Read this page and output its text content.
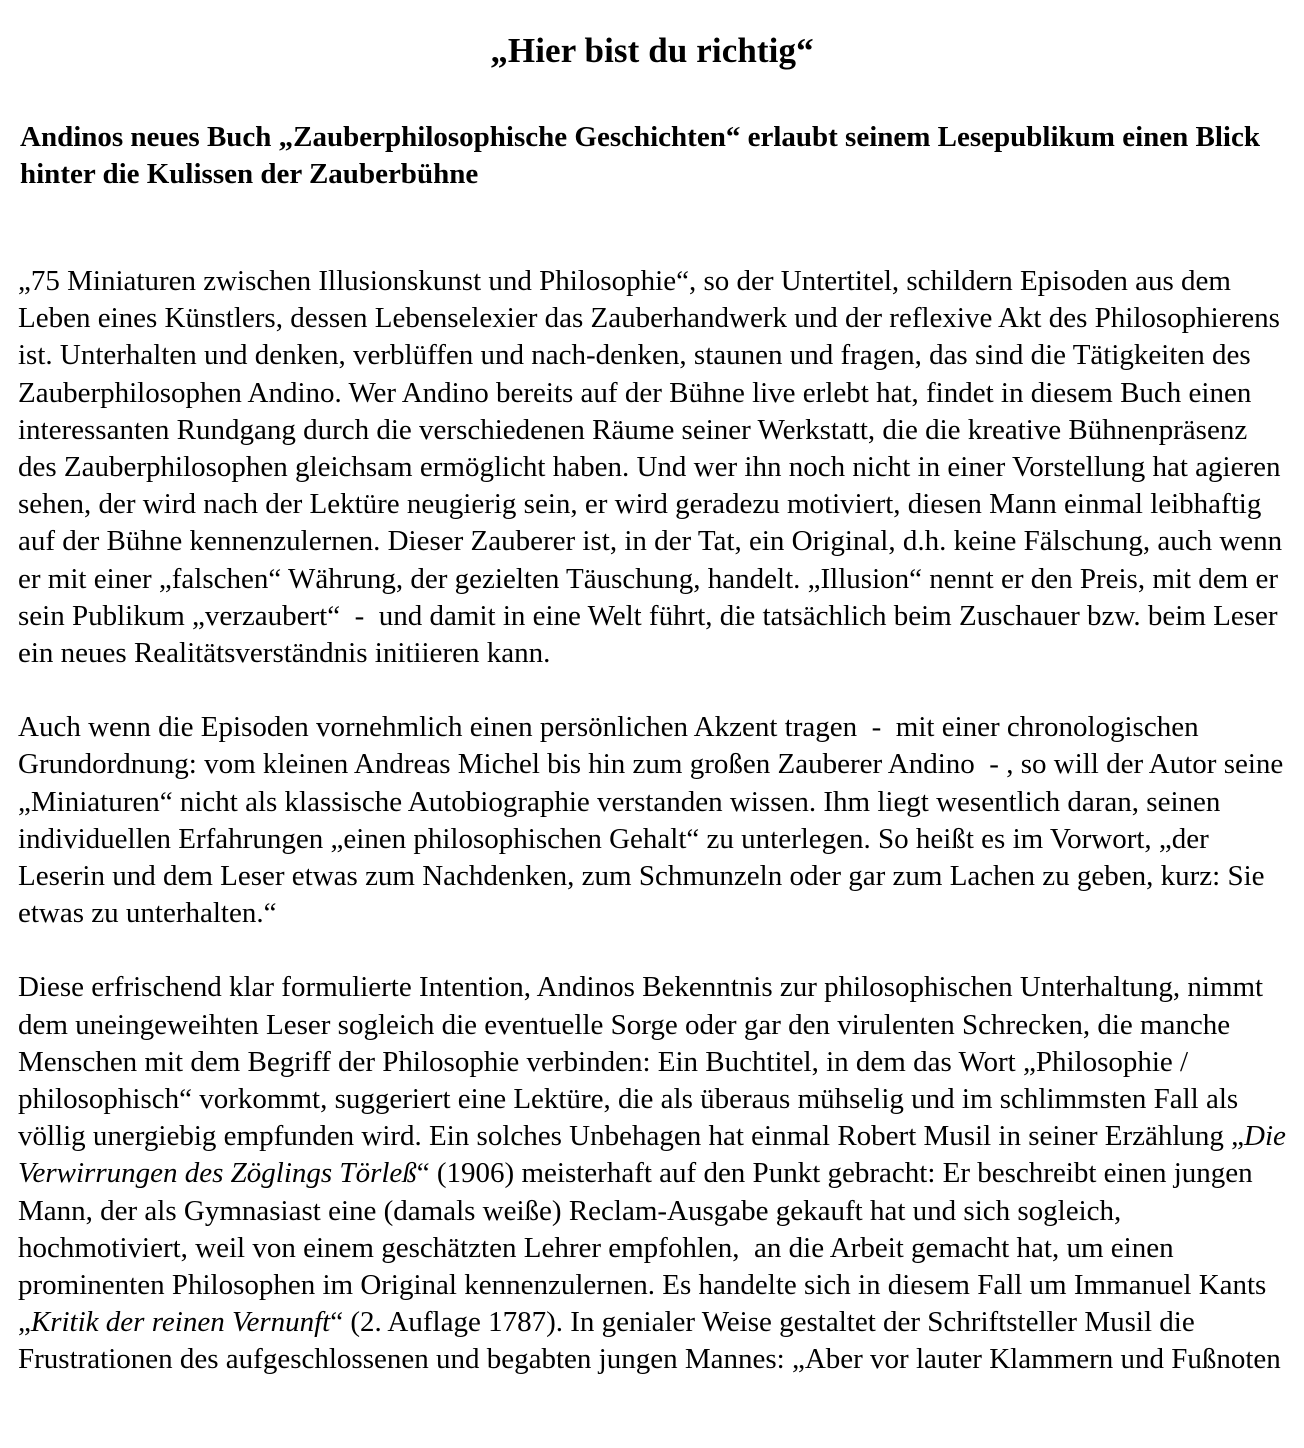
„Hier bist du richtig“
Andinos neues Buch „Zauberphilosophische Geschichten“ erlaubt seinem Lesepublikum einen Blick hinter die Kulissen der Zauberbühne

„75 Miniaturen zwischen Illusionskunst und Philosophie“, so der Untertitel, schildern Episoden aus dem Leben eines Künstlers, dessen Lebenselexier das Zauberhandwerk und der reflexive Akt des Philosophierens ist. Unterhalten und denken, verblüffen und nach-denken, staunen und fragen, das sind die Tätigkeiten des Zauberphilosophen Andino. Wer Andino bereits auf der Bühne live erlebt hat, findet in diesem Buch einen interessanten Rundgang durch die verschiedenen Räume seiner Werkstatt, die die kreative Bühnenpräsenz des Zauberphilosophen gleichsam ermöglicht haben. Und wer ihn noch nicht in einer Vorstellung hat agieren sehen, der wird nach der Lektüre neugierig sein, er wird geradezu motiviert, diesen Mann einmal leibhaftig auf der Bühne kennenzulernen. Dieser Zauberer ist, in der Tat, ein Original, d.h. keine Fälschung, auch wenn er mit einer „falschen“ Währung, der gezielten Täuschung, handelt. „Illusion“ nennt er den Preis, mit dem er sein Publikum „verzaubert“  -  und damit in eine Welt führt, die tatsächlich beim Zuschauer bzw. beim Leser ein neues Realitätsverständnis initiieren kann.

Auch wenn die Episoden vornehmlich einen persönlichen Akzent tragen  -  mit einer chronologischen Grundordnung: vom kleinen Andreas Michel bis hin zum großen Zauberer Andino  - , so will der Autor seine „Miniaturen“ nicht als klassische Autobiographie verstanden wissen. Ihm liegt wesentlich daran, seinen individuellen Erfahrungen „einen philosophischen Gehalt“ zu unterlegen. So heißt es im Vorwort, „der Leserin und dem Leser etwas zum Nachdenken, zum Schmunzeln oder gar zum Lachen zu geben, kurz: Sie etwas zu unterhalten.“

Diese erfrischend klar formulierte Intention, Andinos Bekenntnis zur philosophischen Unterhaltung, nimmt dem uneingeweihten Leser sogleich die eventuelle Sorge oder gar den virulenten Schrecken, die manche Menschen mit dem Begriff der Philosophie verbinden: Ein Buchtitel, in dem das Wort „Philosophie / philosophisch“ vorkommt, suggeriert eine Lektüre, die als überaus mühselig und im schlimmsten Fall als völlig unergiebig empfunden wird. Ein solches Unbehagen hat einmal Robert Musil in seiner Erzählung „Die Verwirrungen des Zöglings Törleß“ (1906) meisterhaft auf den Punkt gebracht: Er beschreibt einen jungen Mann, der als Gymnasiast eine (damals weiße) Reclam-Ausgabe gekauft hat und sich sogleich, hochmotiviert, weil von einem geschätzten Lehrer empfohlen,  an die Arbeit gemacht hat, um einen prominenten Philosophen im Original kennenzulernen. Es handelte sich in diesem Fall um Immanuel Kants „Kritik der reinen Vernunft“ (2. Auflage 1787). In genialer Weise gestaltet der Schriftsteller Musil die Frustrationen des aufgeschlossenen und begabten jungen Mannes: „Aber vor lauter Klammern und Fußnoten
